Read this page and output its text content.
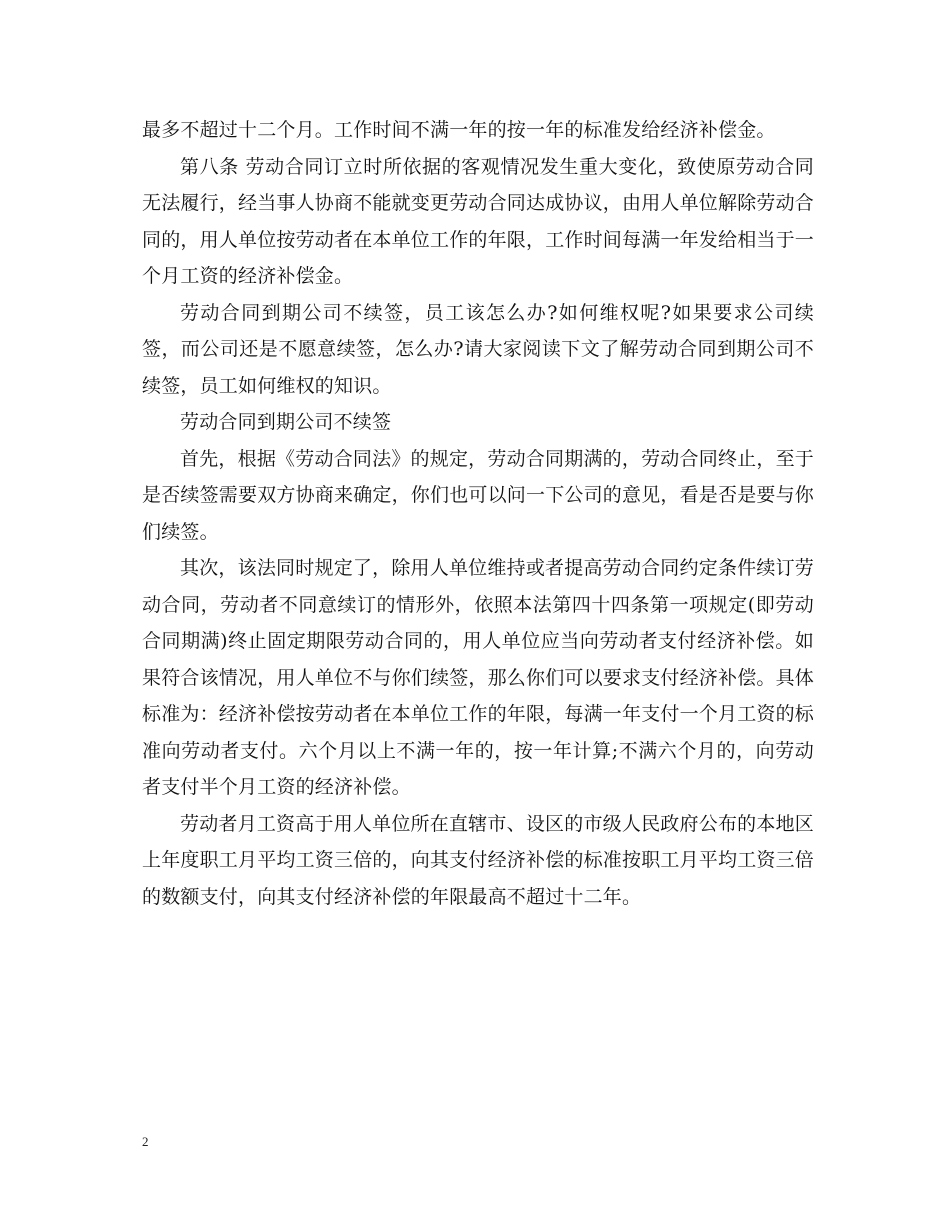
最多不超过十二个月。工作时间不满一年的按一年的标准发给经济补偿金。

第八条 劳动合同订立时所依据的客观情况发生重大变化，致使原劳动合同无法履行，经当事人协商不能就变更劳动合同达成协议，由用人单位解除劳动合同的，用人单位按劳动者在本单位工作的年限，工作时间每满一年发给相当于一个月工资的经济补偿金。

劳动合同到期公司不续签，员工该怎么办?如何维权呢?如果要求公司续签，而公司还是不愿意续签，怎么办?请大家阅读下文了解劳动合同到期公司不续签，员工如何维权的知识。

劳动合同到期公司不续签

首先，根据《劳动合同法》的规定，劳动合同期满的，劳动合同终止，至于是否续签需要双方协商来确定，你们也可以问一下公司的意见，看是否是要与你们续签。

其次，该法同时规定了，除用人单位维持或者提高劳动合同约定条件续订劳动合同，劳动者不同意续订的情形外，依照本法第四十四条第一项规定(即劳动合同期满)终止固定期限劳动合同的，用人单位应当向劳动者支付经济补偿。如果符合该情况，用人单位不与你们续签，那么你们可以要求支付经济补偿。具体标准为：经济补偿按劳动者在本单位工作的年限，每满一年支付一个月工资的标准向劳动者支付。六个月以上不满一年的，按一年计算;不满六个月的，向劳动者支付半个月工资的经济补偿。

劳动者月工资高于用人单位所在直辖市、设区的市级人民政府公布的本地区上年度职工月平均工资三倍的，向其支付经济补偿的标准按职工月平均工资三倍的数额支付，向其支付经济补偿的年限最高不超过十二年。

2
